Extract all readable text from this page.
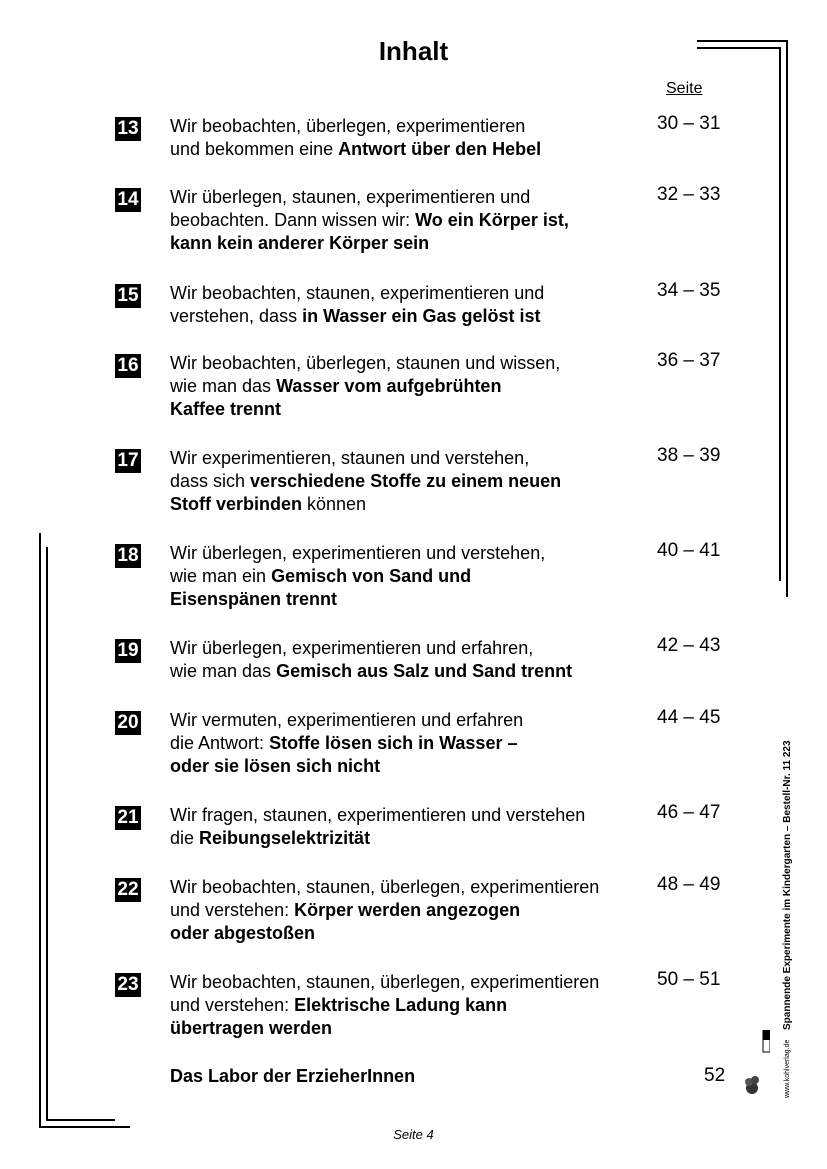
Inhalt
Seite
13 Wir beobachten, überlegen, experimentieren
und bekommen eine Antwort über den Hebel
30 – 31
14 Wir überlegen, staunen, experimentieren und
beobachten. Dann wissen wir: Wo ein Körper ist,
kann kein anderer Körper sein
32 – 33
15 Wir beobachten, staunen, experimentieren und
verstehen, dass in Wasser ein Gas gelöst ist
34 – 35
16 Wir beobachten, überlegen, staunen und wissen,
wie man das Wasser vom aufgebrühten
Kaffee trennt
36 – 37
17 Wir experimentieren, staunen und verstehen,
dass sich verschiedene Stoffe zu einem neuen
Stoff verbinden können
38 – 39
18 Wir überlegen, experimentieren und verstehen,
wie man ein Gemisch von Sand und
Eisenspänen trennt
40 – 41
19 Wir überlegen, experimentieren und erfahren,
wie man das Gemisch aus Salz und Sand trennt
42 – 43
20 Wir vermuten, experimentieren und erfahren
die Antwort: Stoffe lösen sich in Wasser –
oder sie lösen sich nicht
44 – 45
21 Wir fragen, staunen, experimentieren und verstehen
die Reibungselektrizität
46 – 47
22 Wir beobachten, staunen, überlegen, experimentieren
und verstehen: Körper werden angezogen
oder abgestoßen
48 – 49
23 Wir beobachten, staunen, überlegen, experimentieren
und verstehen: Elektrische Ladung kann
übertragen werden
50 – 51
Das Labor der ErzieherInnen	52
Spannende Experimente im Kindergarten – Bestell-Nr. 11 223
www.kohlverlag.de
Seite 4
